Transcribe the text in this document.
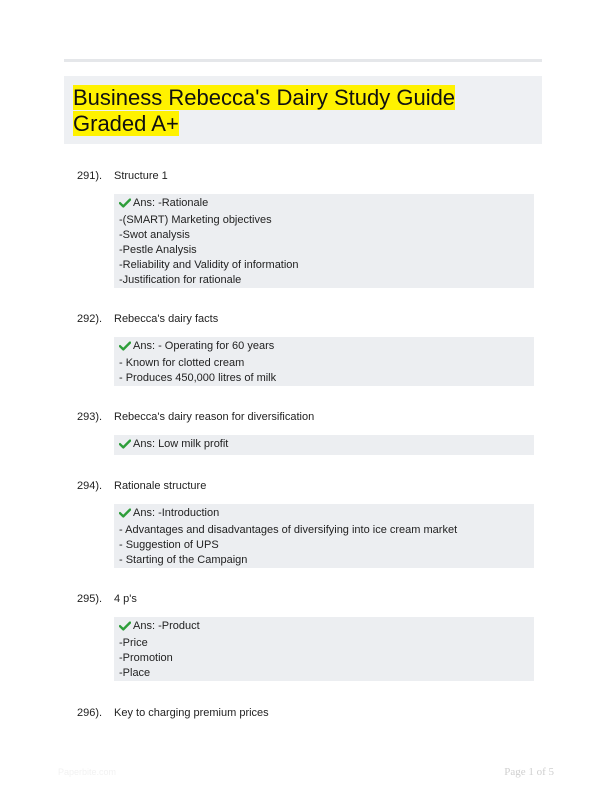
Business Rebecca's Dairy Study Guide Graded A+
291). Structure 1
Ans: -Rationale
-(SMART) Marketing objectives
-Swot analysis
-Pestle Analysis
-Reliability and Validity of information
-Justification for rationale
292). Rebecca's dairy facts
Ans: - Operating for 60 years
- Known for clotted cream
- Produces 450,000 litres of milk
293). Rebecca's dairy reason for diversification
Ans: Low milk profit
294). Rationale structure
Ans: -Introduction
- Advantages and disadvantages of diversifying into ice cream market
- Suggestion of UPS
- Starting of the Campaign
295). 4 p's
Ans: -Product
-Price
-Promotion
-Place
296). Key to charging premium prices
Paperbite.com	Page 1 of 5
